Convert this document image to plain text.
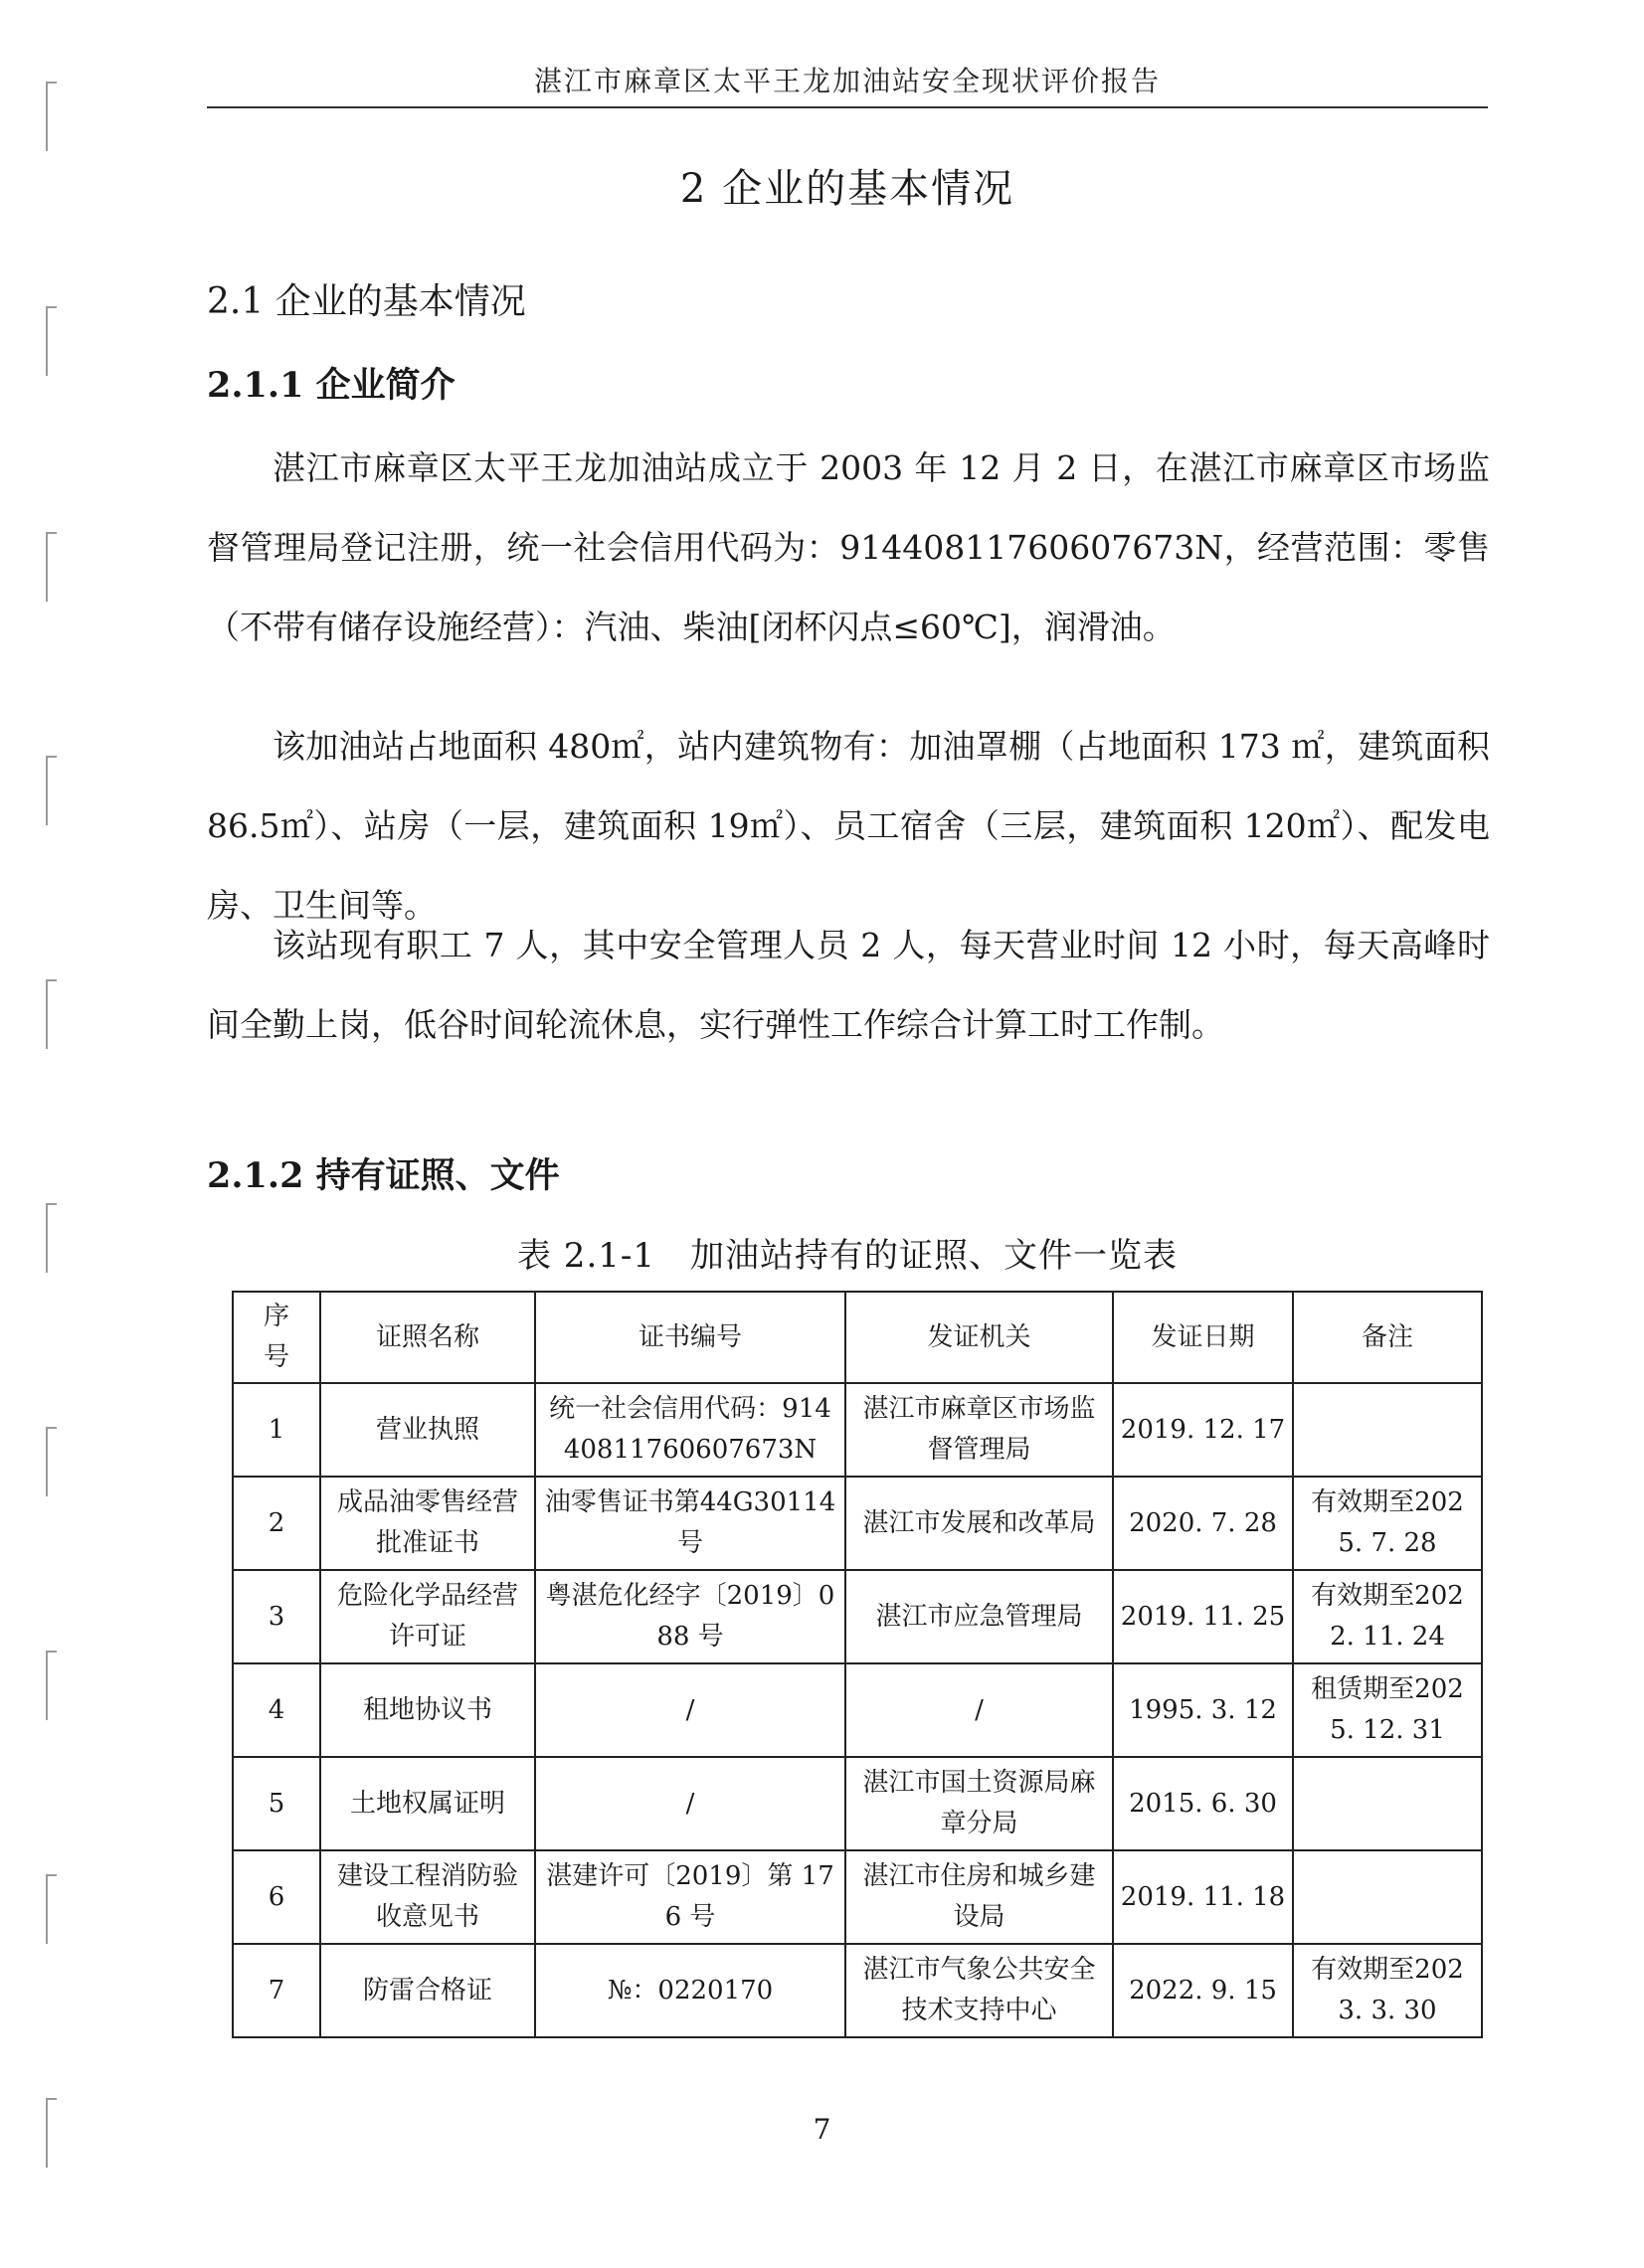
湛江市麻章区太平王龙加油站安全现状评价报告
2 企业的基本情况
2.1 企业的基本情况
2.1.1 企业简介

湛江市麻章区太平王龙加油站成立于 2003 年 12 月 2 日，在湛江市麻章区市场监督管理局登记注册，统一社会信用代码为：91440811760607673N，经营范围：零售（不带有储存设施经营）：汽油、柴油[闭杯闪点≤60℃]，润滑油。

该加油站占地面积 480㎡，站内建筑物有：加油罩棚（占地面积 173 ㎡，建筑面积 86.5㎡）、站房（一层，建筑面积 19㎡）、员工宿舍（三层，建筑面积 120㎡）、配发电房、卫生间等。

该站现有职工 7 人，其中安全管理人员 2 人，每天营业时间 12 小时，每天高峰时间全勤上岗，低谷时间轮流休息，实行弹性工作综合计算工时工作制。

2.1.2 持有证照、文件
表 2.1-1　加油站持有的证照、文件一览表
序号	证照名称	证书编号	发证机关	发证日期	备注
1	营业执照	统一社会信用代码：91440811760607673N	湛江市麻章区市场监督管理局	2019. 12. 17	
2	成品油零售经营批准证书	油零售证书第44G30114 号	湛江市发展和改革局	2020. 7. 28	有效期至2025. 7. 28
3	危险化学品经营许可证	粤湛危化经字〔2019〕088 号	湛江市应急管理局	2019. 11. 25	有效期至2022. 11. 24
4	租地协议书	/	/	1995. 3. 12	租赁期至2025. 12. 31
5	土地权属证明	/	湛江市国土资源局麻章分局	2015. 6. 30	
6	建设工程消防验收意见书	湛建许可〔2019〕第 176 号	湛江市住房和城乡建设局	2019. 11. 18	
7	防雷合格证	№：0220170	湛江市气象公共安全技术支持中心	2022. 9. 15	有效期至2023. 3. 30
7
